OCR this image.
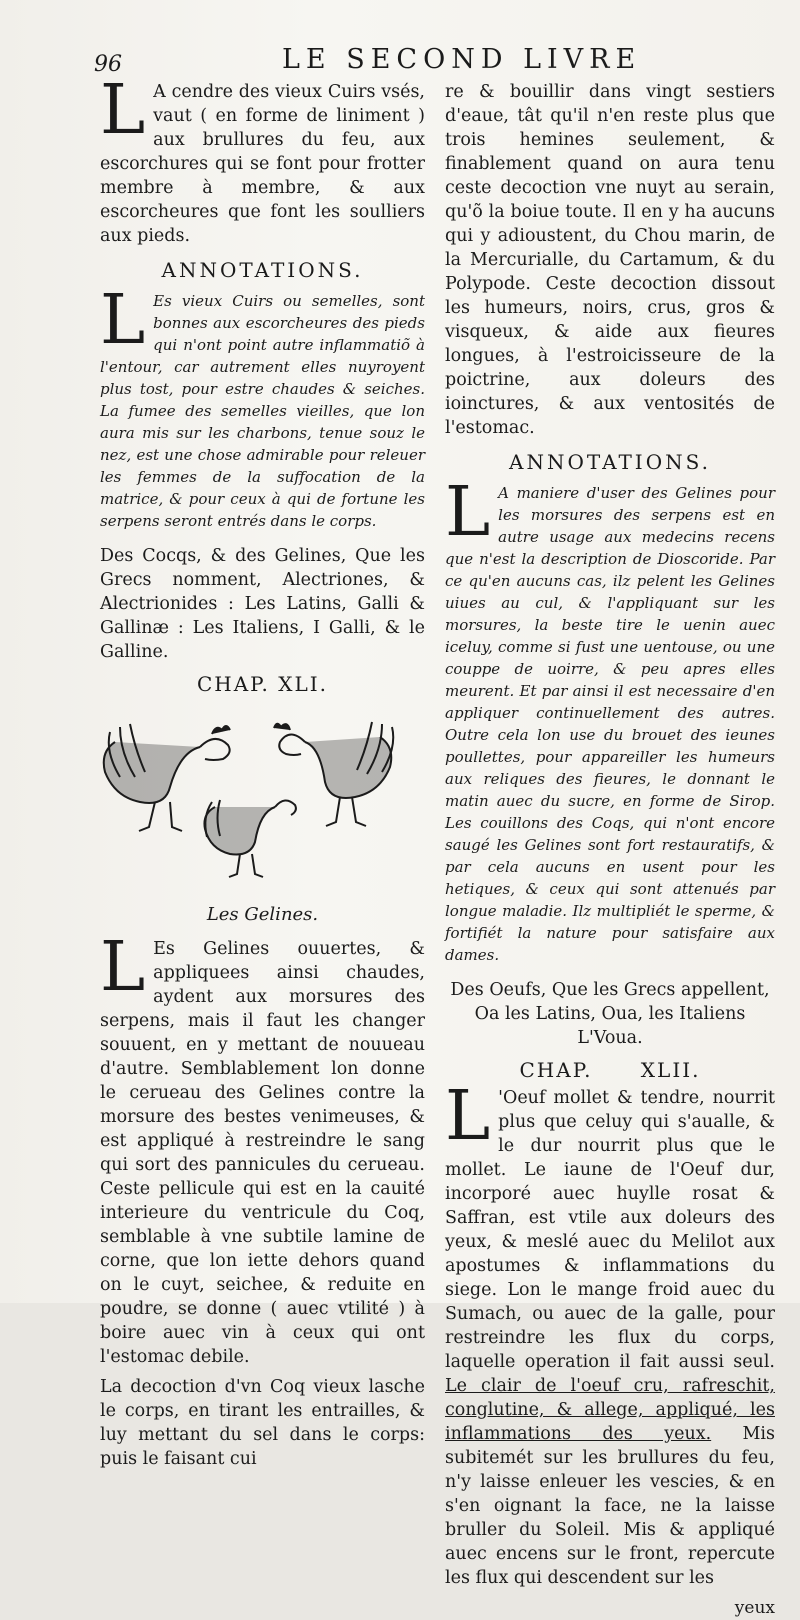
96	LE SECOND LIVRE

L A cendre des vieux Cuirs vsés, vaut ( en forme de liniment ) aux brullures du feu, aux escorchures qui se font pour frotter membre à membre, & aux escorcheures que font les soulliers aux pieds.

ANNOTATIONS.

L Es vieux Cuirs ou semelles, sont bonnes aux escorcheures des pieds qui n'ont point autre inflammatiõ à l'entour, car autrement elles nuyroyent plus tost, pour estre chaudes & seiches. La fumee des semelles vieilles, que lon aura mis sur les charbons, tenue souz le nez, est une chose admirable pour releuer les femmes de la suffocation de la matrice, & pour ceux à qui de fortune les serpens seront entrés dans le corps.

Des Cocqs, & des Gelines, Que les Grecs nomment, Alectriones, & Alectrionides : Les Latins, Galli & Gallinæ : Les Italiens, I Galli, & le Galline.

CHAP. XLI.
Les Gelines.

L Es Gelines ouuertes, & appliquees ainsi chaudes, aydent aux morsures des serpens, mais il faut les changer souuent, en y mettant de nouueau d'autre. Semblablement lon donne le cerueau des Gelines contre la morsure des bestes venimeuses, & est appliqué à restreindre le sang qui sort des pannicules du cerueau. Ceste pellicule qui est en la cauité interieure du ventricule du Coq, semblable à vne subtile lamine de corne, que lon iette dehors quand on le cuyt, seichee, & reduite en poudre, se donne ( auec vtilité ) à boire auec vin à ceux qui ont l'estomac debile.

La decoction d'vn Coq vieux lasche le corps, en tirant les entrailles, & luy mettant du sel dans le corps: puis le faisant cui

re & bouillir dans vingt sestiers d'eaue, tât qu'il n'en reste plus que trois hemines seulement, & finablement quand on aura tenu ceste decoction vne nuyt au serain, qu'õ la boiue toute. Il en y ha aucuns qui y adioustent, du Chou marin, de la Mercurialle, du Cartamum, & du Polypode. Ceste decoction dissout les humeurs, noirs, crus, gros & visqueux, & aide aux fieures longues, à l'estroicisseure de la poictrine, aux doleurs des ioinctures, & aux ventosités de l'estomac.

ANNOTATIONS.

L A maniere d'user des Gelines pour les morsures des serpens est en autre usage aux medecins recens que n'est la description de Dioscoride. Par ce qu'en aucuns cas, ilz pelent les Gelines uiues au cul, & l'appliquant sur les morsures, la beste tire le uenin auec iceluy, comme si fust une uentouse, ou une couppe de uoirre, & peu apres elles meurent. Et par ainsi il est necessaire d'en appliquer continuellement des autres. Outre cela lon use du brouet des ieunes poullettes, pour appareiller les humeurs aux reliques des fieures, le donnant le matin auec du sucre, en forme de Sirop. Les couillons des Coqs, qui n'ont encore saugé les Gelines sont fort restauratifs, & par cela aucuns en usent pour les hetiques, & ceux qui sont attenués par longue maladie. Ilz multipliét le sperme, & fortifiét la nature pour satisfaire aux dames.

Des Oeufs, Que les Grecs appellent, Oa les Latins, Oua, les Italiens L'Voua.

CHAP. XLII.

L 'Oeuf mollet & tendre, nourrit plus que celuy qui s'aualle, & le dur nourrit plus que le mollet. Le iaune de l'Oeuf dur, incorporé auec huylle rosat & Saffran, est vtile aux doleurs des yeux, & meslé auec du Melilot aux apostumes & inflammations du siege. Lon le mange froid auec du Sumach, ou auec de la galle, pour restreindre les flux du corps, laquelle operation il fait aussi seul. Le clair de l'oeuf cru, rafreschit, conglutine, & allege, appliqué, les inflammations des yeux. Mis subitemét sur les brullures du feu, n'y laisse enleuer les vescies, & en s'en oignant la face, ne la laisse bruller du Soleil. Mis & appliqué auec encens sur le front, repercute les flux qui descendent sur les

yeux
